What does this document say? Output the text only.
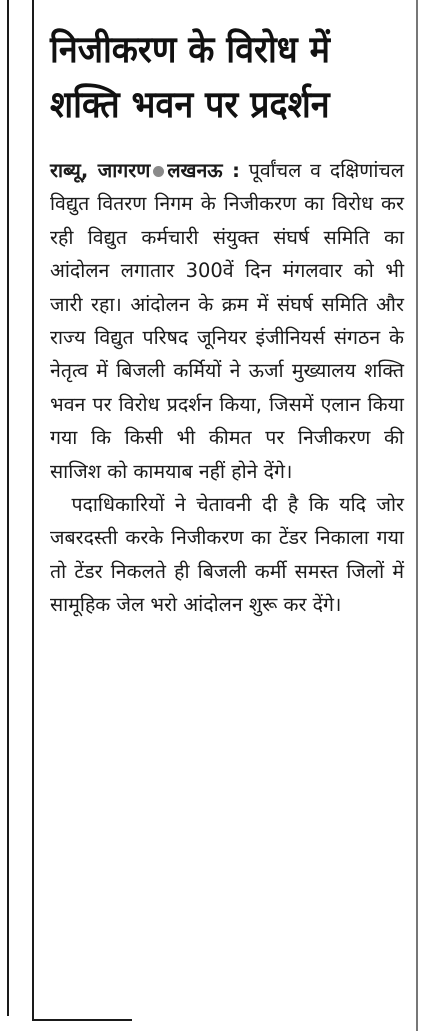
निजीकरण के विरोध में
शक्ति भवन पर प्रदर्शन

राब्यू, जागरण लखनऊ : पूर्वांचल व दक्षिणांचल विद्युत वितरण निगम के निजीकरण का विरोध कर रही विद्युत कर्मचारी संयुक्त संघर्ष समिति का आंदोलन लगातार 300वें दिन मंगलवार को भी जारी रहा। आंदोलन के क्रम में संघर्ष समिति और राज्य विद्युत परिषद जूनियर इंजीनियर्स संगठन के नेतृत्व में बिजली कर्मियों ने ऊर्जा मुख्यालय शक्ति भवन पर विरोध प्रदर्शन किया, जिसमें एलान किया गया कि किसी भी कीमत पर निजीकरण की साजिश को कामयाब नहीं होने देंगे।

पदाधिकारियों ने चेतावनी दी है कि यदि जोर जबरदस्ती करके निजीकरण का टेंडर निकाला गया तो टेंडर निकलते ही बिजली कर्मी समस्त जिलों में सामूहिक जेल भरो आंदोलन शुरू कर देंगे।
